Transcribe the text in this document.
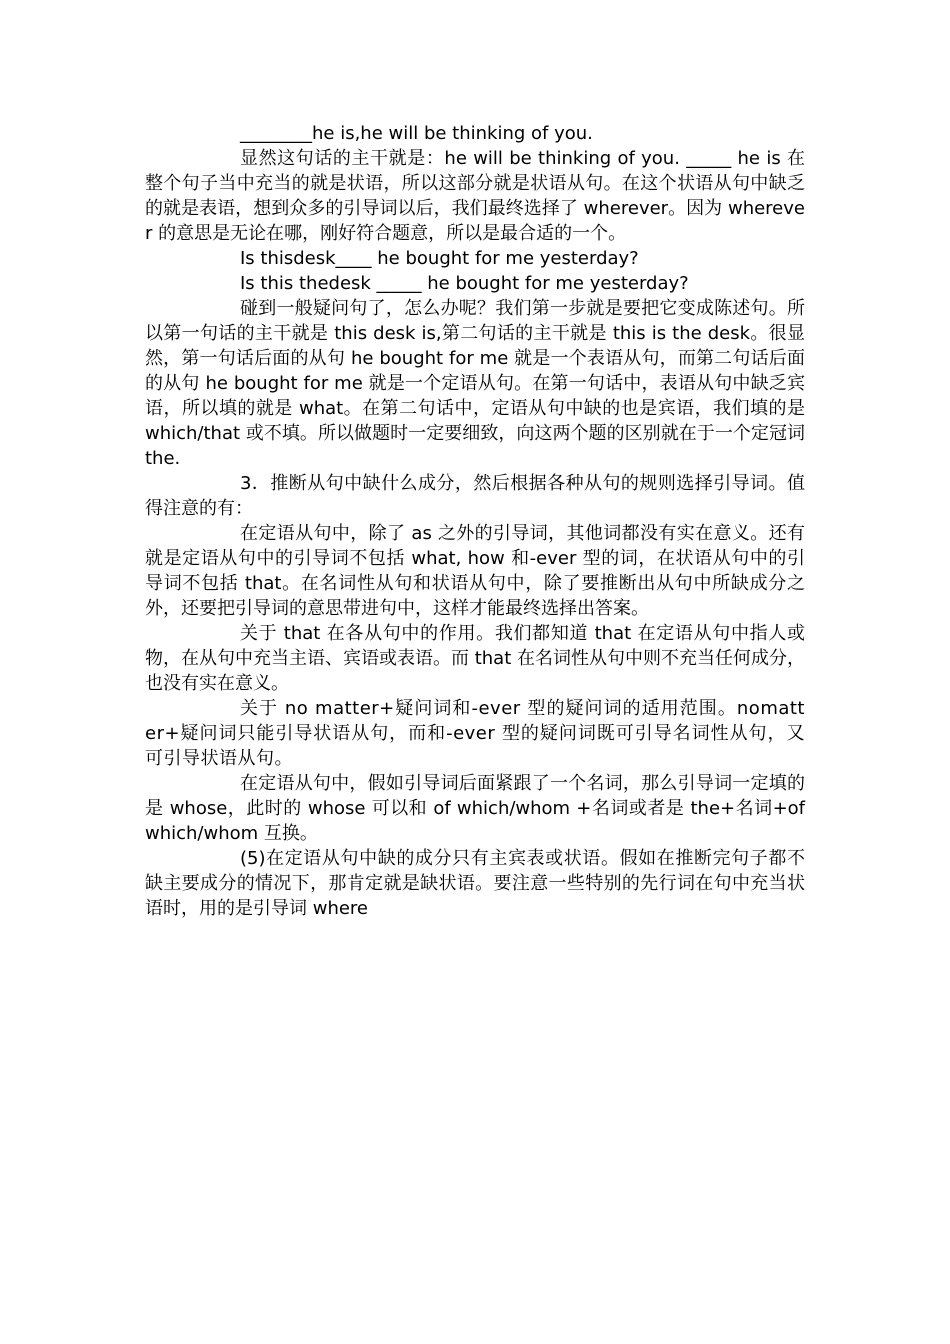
________he is,he will be thinking of you.

显然这句话的主干就是：he will be thinking of you. _____ he is 在整个句子当中充当的就是状语，所以这部分就是状语从句。在这个状语从句中缺乏的就是表语，想到众多的引导词以后，我们最终选择了 wherever。因为 wherever 的意思是无论在哪，刚好符合题意，所以是最合适的一个。

Is thisdesk____ he bought for me yesterday?

Is this thedesk _____ he bought for me yesterday?

碰到一般疑问句了，怎么办呢？我们第一步就是要把它变成陈述句。所以第一句话的主干就是 this desk is,第二句话的主干就是 this is the desk。很显然，第一句话后面的从句 he bought for me 就是一个表语从句，而第二句话后面的从句 he bought for me 就是一个定语从句。在第一句话中，表语从句中缺乏宾语，所以填的就是 what。在第二句话中，定语从句中缺的也是宾语，我们填的是 which/that 或不填。所以做题时一定要细致，向这两个题的区别就在于一个定冠词 the.

3．推断从句中缺什么成分，然后根据各种从句的规则选择引导词。值得注意的有：

在定语从句中，除了 as 之外的引导词，其他词都没有实在意义。还有就是定语从句中的引导词不包括 what, how 和-ever 型的词，在状语从句中的引导词不包括 that。在名词性从句和状语从句中，除了要推断出从句中所缺成分之外，还要把引导词的意思带进句中，这样才能最终选择出答案。

关于 that 在各从句中的作用。我们都知道 that 在定语从句中指人或物，在从句中充当主语、宾语或表语。而 that 在名词性从句中则不充当任何成分，也没有实在意义。

关于 no matter+疑问词和-ever 型的疑问词的适用范围。nomatter+疑问词只能引导状语从句，而和-ever 型的疑问词既可引导名词性从句，又可引导状语从句。

在定语从句中，假如引导词后面紧跟了一个名词，那么引导词一定填的是 whose，此时的 whose 可以和 of which/whom +名词或者是 the+名词+of which/whom 互换。

(5)在定语从句中缺的成分只有主宾表或状语。假如在推断完句子都不缺主要成分的情况下，那肯定就是缺状语。要注意一些特别的先行词在句中充当状语时，用的是引导词 where
